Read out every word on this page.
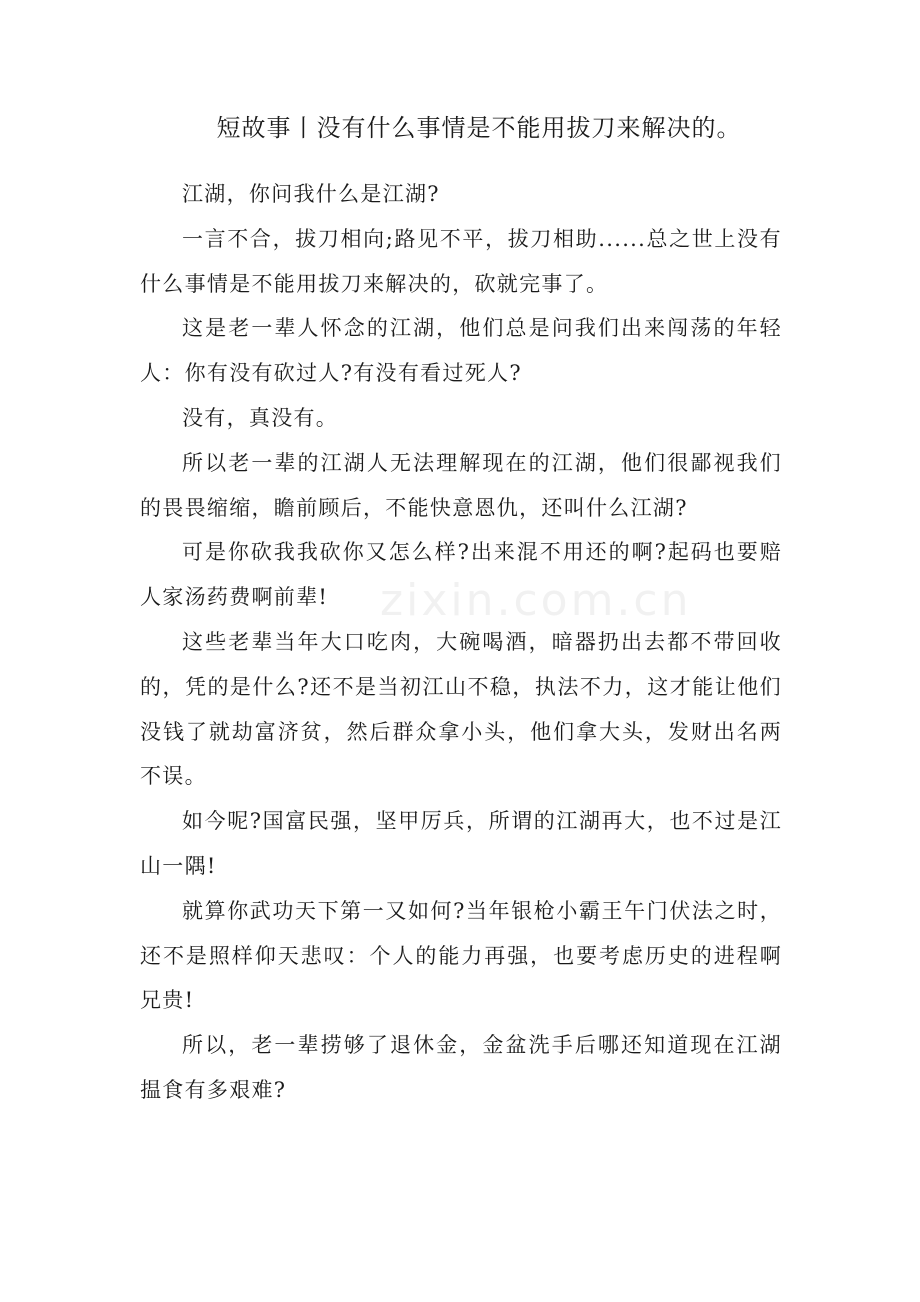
zixin.com.cn
短故事丨没有什么事情是不能用拔刀来解决的。

江湖，你问我什么是江湖?

一言不合，拔刀相向;路见不平，拔刀相助......总之世上没有什么事情是不能用拔刀来解决的，砍就完事了。

这是老一辈人怀念的江湖，他们总是问我们出来闯荡的年轻人：你有没有砍过人?有没有看过死人?

没有，真没有。

所以老一辈的江湖人无法理解现在的江湖，他们很鄙视我们的畏畏缩缩，瞻前顾后，不能快意恩仇，还叫什么江湖?

可是你砍我我砍你又怎么样?出来混不用还的啊?起码也要赔人家汤药费啊前辈!

这些老辈当年大口吃肉，大碗喝酒，暗器扔出去都不带回收的，凭的是什么?还不是当初江山不稳，执法不力，这才能让他们没钱了就劫富济贫，然后群众拿小头，他们拿大头，发财出名两不误。

如今呢?国富民强，坚甲厉兵，所谓的江湖再大，也不过是江山一隅!

就算你武功天下第一又如何?当年银枪小霸王午门伏法之时，还不是照样仰天悲叹：个人的能力再强，也要考虑历史的进程啊兄贵!

所以，老一辈捞够了退休金，金盆洗手后哪还知道现在江湖揾食有多艰难?
